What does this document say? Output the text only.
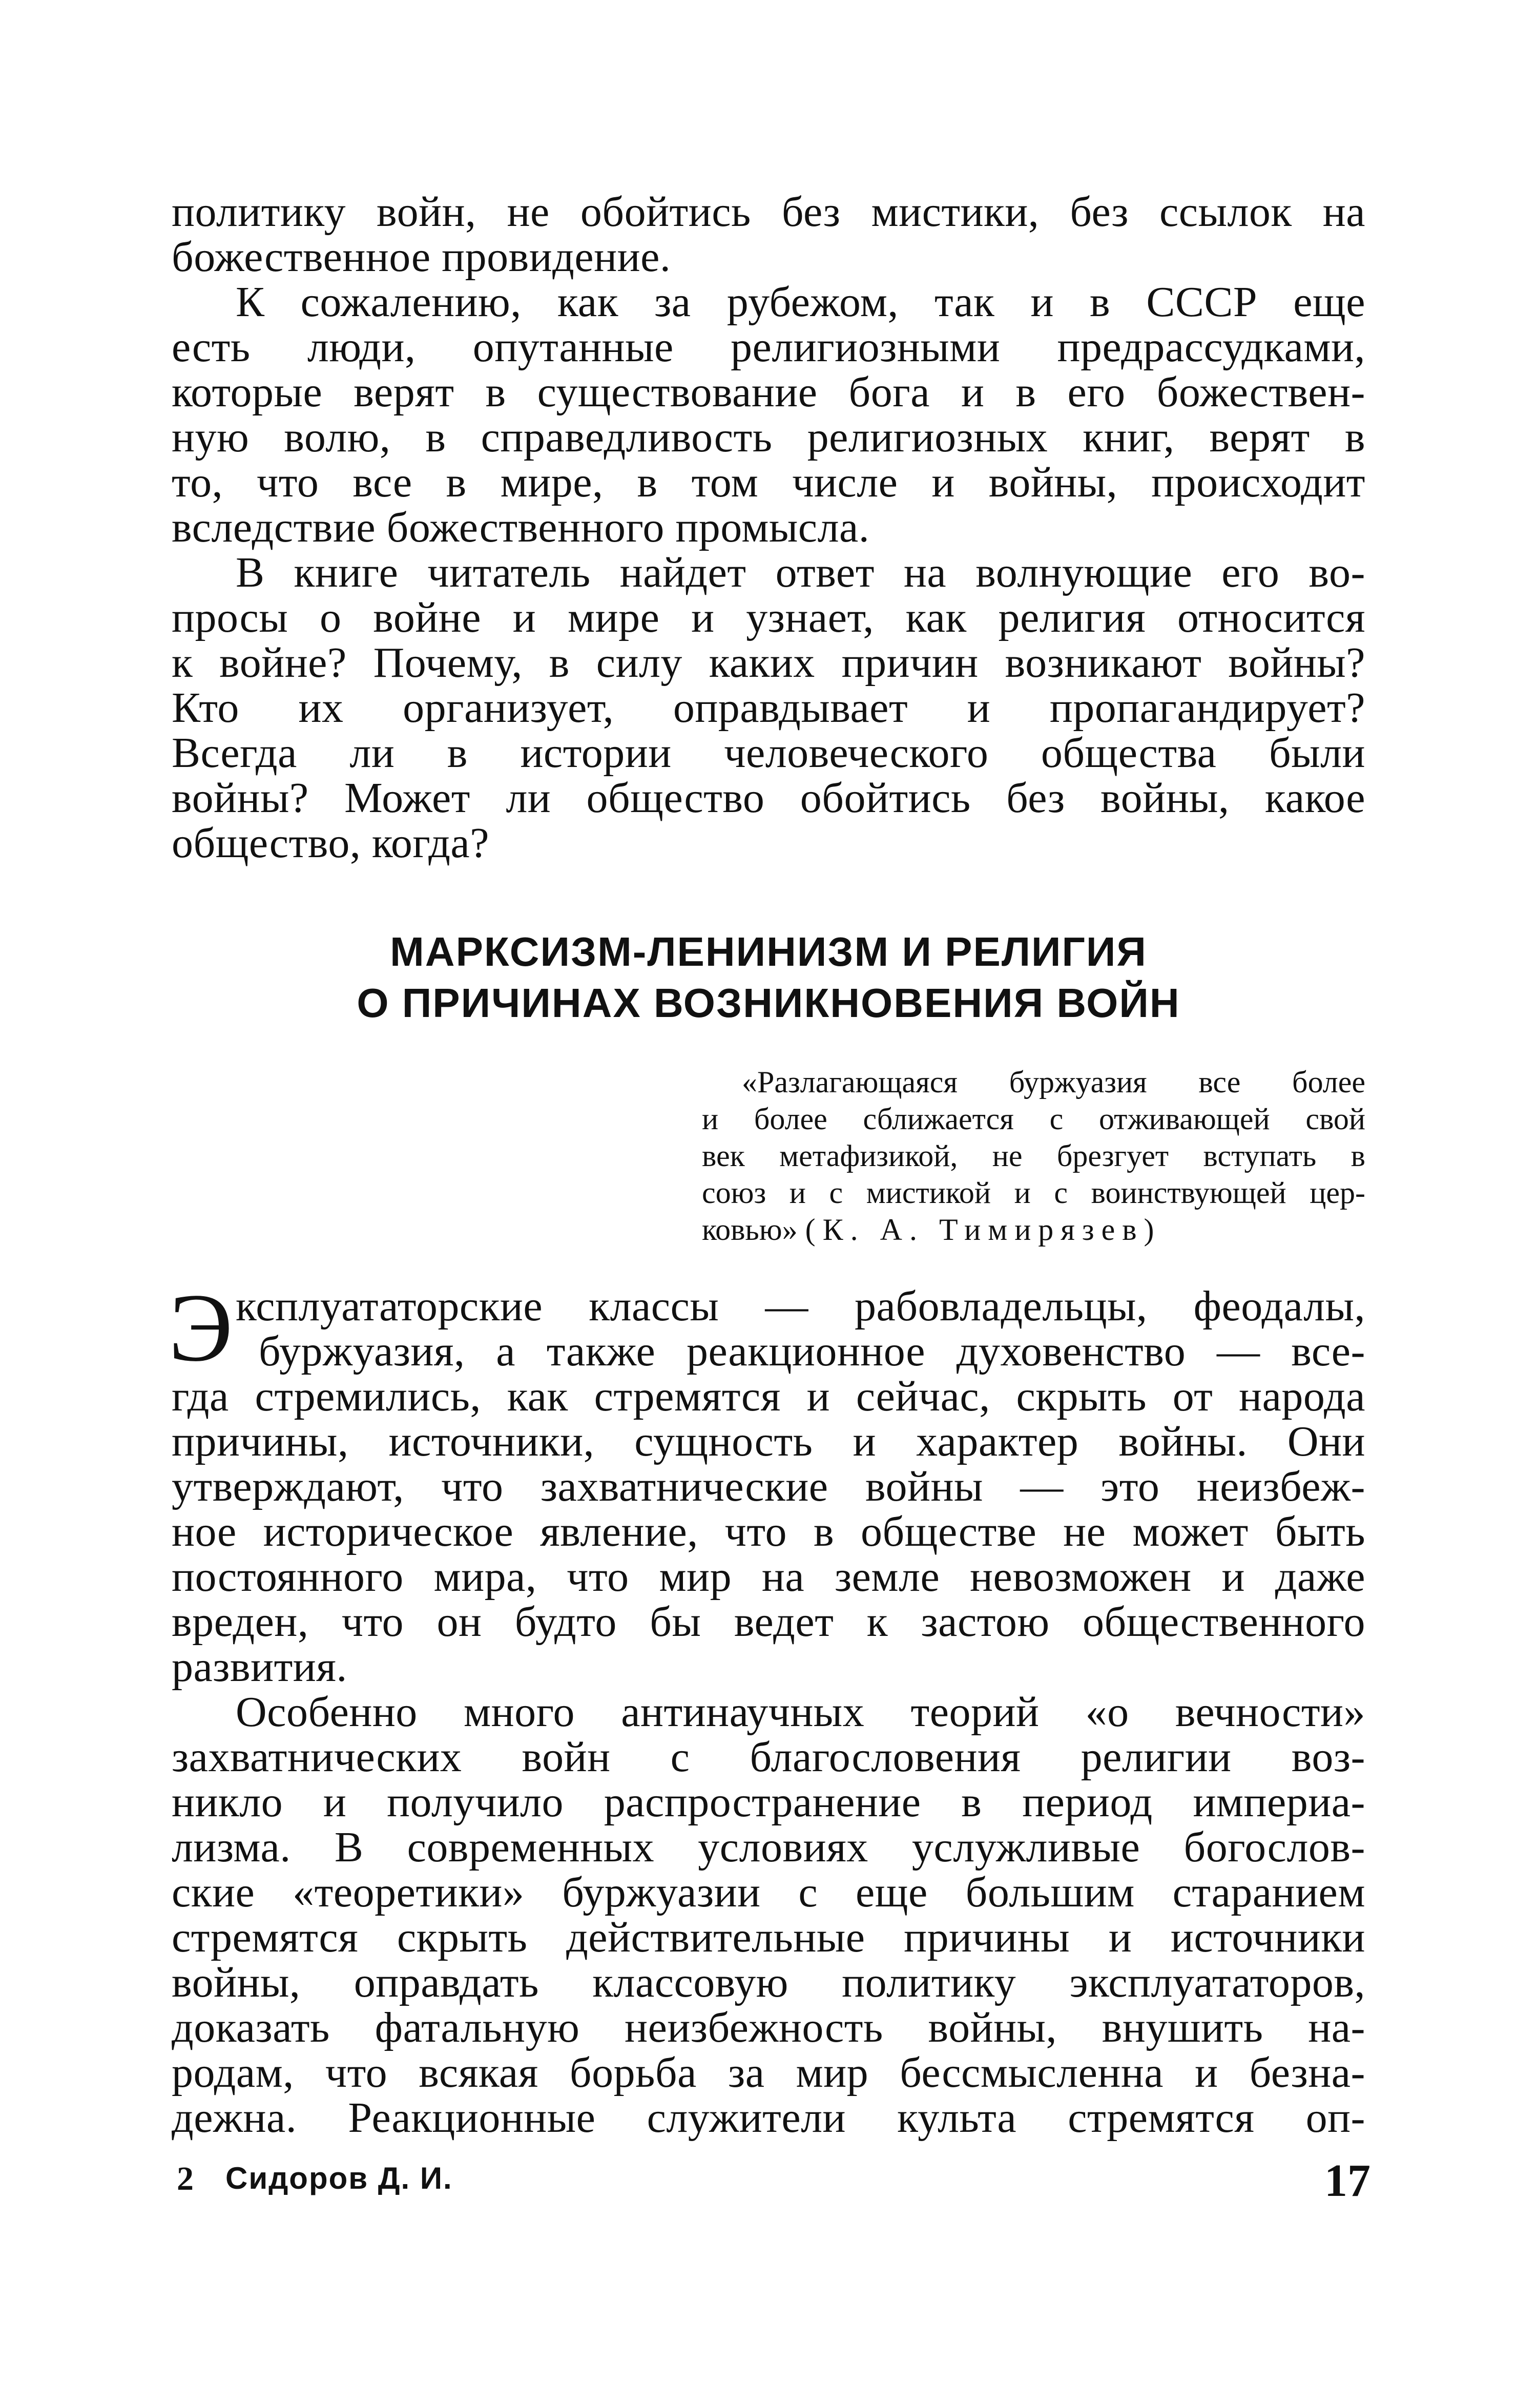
политику войн, не обойтись без мистики, без ссылок на
божественное провидение.

К сожалению, как за рубежом, так и в СССР еще
есть люди, опутанные религиозными предрассудками,
которые верят в существование бога и в его божествен-
ную волю, в справедливость религиозных книг, верят в
то, что все в мире, в том числе и войны, происходит
вследствие божественного промысла.

В книге читатель найдет ответ на волнующие его во-
просы о войне и мире и узнает, как религия относится
к войне? Почему, в силу каких причин возникают войны?
Кто их организует, оправдывает и пропагандирует?
Всегда ли в истории человеческого общества были
войны? Может ли общество обойтись без войны, какое
общество, когда?

МАРКСИЗМ-ЛЕНИНИЗМ И РЕЛИГИЯ
О ПРИЧИНАХ ВОЗНИКНОВЕНИЯ ВОЙН
«Разлагающаяся буржуазия все более
и более сближается с отживающей свой
век метафизикой, не брезгует вступать в
союз и с мистикой и с воинствующей цер-
ковью» (К. А. Тимирязев)

Э ксплуататорские классы — рабовладельцы, феодалы,
буржуазия, а также реакционное духовенство — все-
гда стремились, как стремятся и сейчас, скрыть от народа
причины, источники, сущность и характер войны. Они
утверждают, что захватнические войны — это неизбеж-
ное историческое явление, что в обществе не может быть
постоянного мира, что мир на земле невозможен и даже
вреден, что он будто бы ведет к застою общественного
развития.

Особенно много антинаучных теорий «о вечности»
захватнических войн с благословения религии воз-
никло и получило распространение в период империа-
лизма. В современных условиях услужливые богослов-
ские «теоретики» буржуазии с еще большим старанием
стремятся скрыть действительные причины и источники
войны, оправдать классовую политику эксплуататоров,
доказать фатальную неизбежность войны, внушить на-
родам, что всякая борьба за мир бессмысленна и безна-
дежна. Реакционные служители культа стремятся оп-

2 Сидоров Д. И.	17
